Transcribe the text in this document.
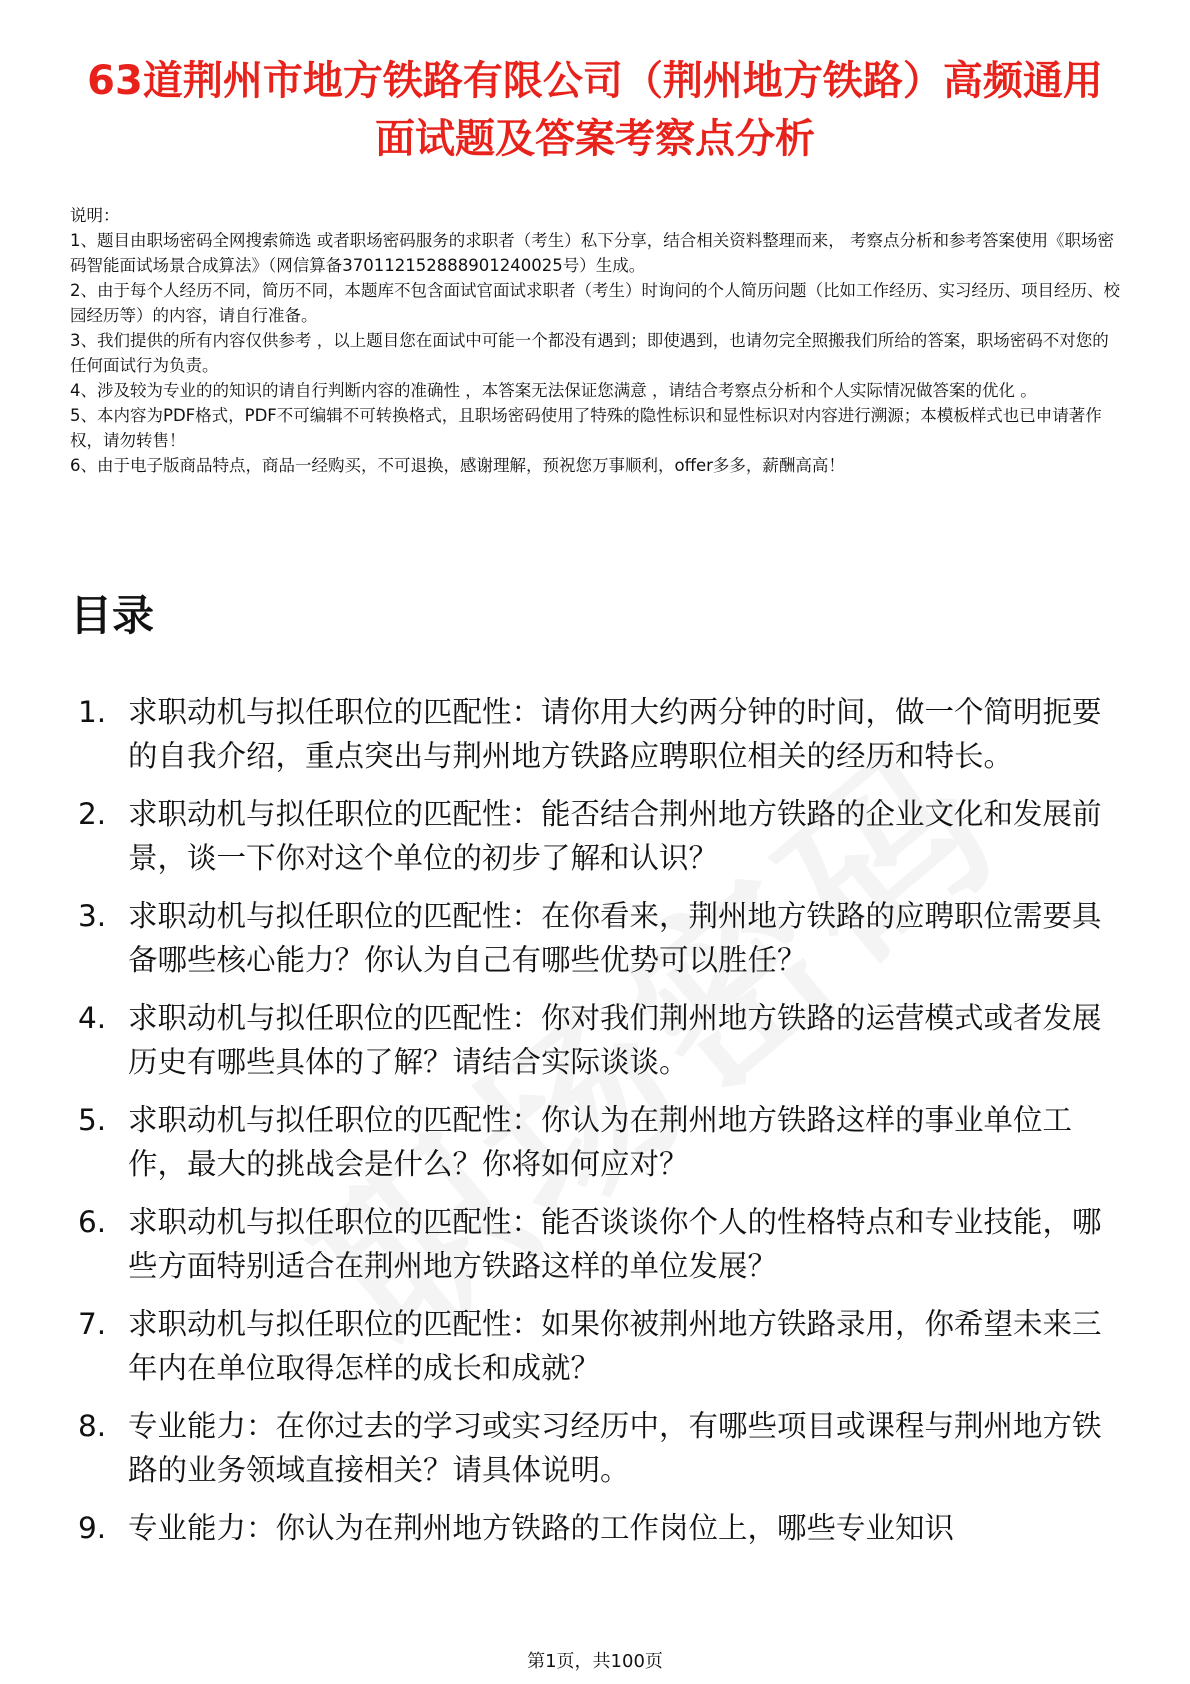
63道荆州市地方铁路有限公司（荆州地方铁路）高频通用面试题及答案考察点分析

说明：

1、题目由职场密码全网搜索筛选 或者职场密码服务的求职者（考生）私下分享，结合相关资料整理而来， 考察点分析和参考答案使用《职场密码智能面试场景合成算法》（网信算备370112152888901240025号）生成。

2、由于每个人经历不同，简历不同，本题库不包含面试官面试求职者（考生）时询问的个人简历问题（比如工作经历、实习经历、项目经历、校园经历等）的内容，请自行准备。

3、我们提供的所有内容仅供参考 ，以上题目您在面试中可能一个都没有遇到；即使遇到，也请勿完全照搬我们所给的答案，职场密码不对您的任何面试行为负责。

4、涉及较为专业的的知识的请自行判断内容的准确性 ，本答案无法保证您满意 ，请结合考察点分析和个人实际情况做答案的优化 。

5、本内容为PDF格式，PDF不可编辑不可转换格式，且职场密码使用了特殊的隐性标识和显性标识对内容进行溯源；本模板样式也已申请著作权，请勿转售！

6、由于电子版商品特点，商品一经购买，不可退换，感谢理解，预祝您万事顺利，offer多多，薪酬高高！

目录
1. 求职动机与拟任职位的匹配性：请你用大约两分钟的时间，做一个简明扼要的自我介绍，重点突出与荆州地方铁路应聘职位相关的经历和特长。
2. 求职动机与拟任职位的匹配性：能否结合荆州地方铁路的企业文化和发展前景，谈一下你对这个单位的初步了解和认识？
3. 求职动机与拟任职位的匹配性：在你看来，荆州地方铁路的应聘职位需要具备哪些核心能力？你认为自己有哪些优势可以胜任？
4. 求职动机与拟任职位的匹配性：你对我们荆州地方铁路的运营模式或者发展历史有哪些具体的了解？请结合实际谈谈。
5. 求职动机与拟任职位的匹配性：你认为在荆州地方铁路这样的事业单位工作，最大的挑战会是什么？你将如何应对？
6. 求职动机与拟任职位的匹配性：能否谈谈你个人的性格特点和专业技能，哪些方面特别适合在荆州地方铁路这样的单位发展？
7. 求职动机与拟任职位的匹配性：如果你被荆州地方铁路录用，你希望未来三年内在单位取得怎样的成长和成就？
8. 专业能力：在你过去的学习或实习经历中，有哪些项目或课程与荆州地方铁路的业务领域直接相关？请具体说明。
9. 专业能力：你认为在荆州地方铁路的工作岗位上，哪些专业知识
第1页，共100页
